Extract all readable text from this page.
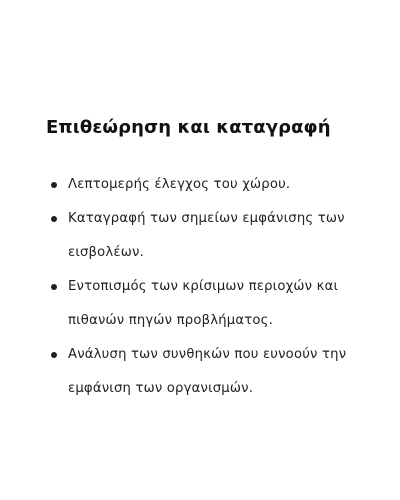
Επιθεώρηση και καταγραφή
Λεπτομερής έλεγχος του χώρου.
Καταγραφή των σημείων εμφάνισης των εισβολέων.
Εντοπισμός των κρίσιμων περιοχών και πιθανών πηγών προβλήματος.
Ανάλυση των συνθηκών που ευνοούν την εμφάνιση των οργανισμών.
